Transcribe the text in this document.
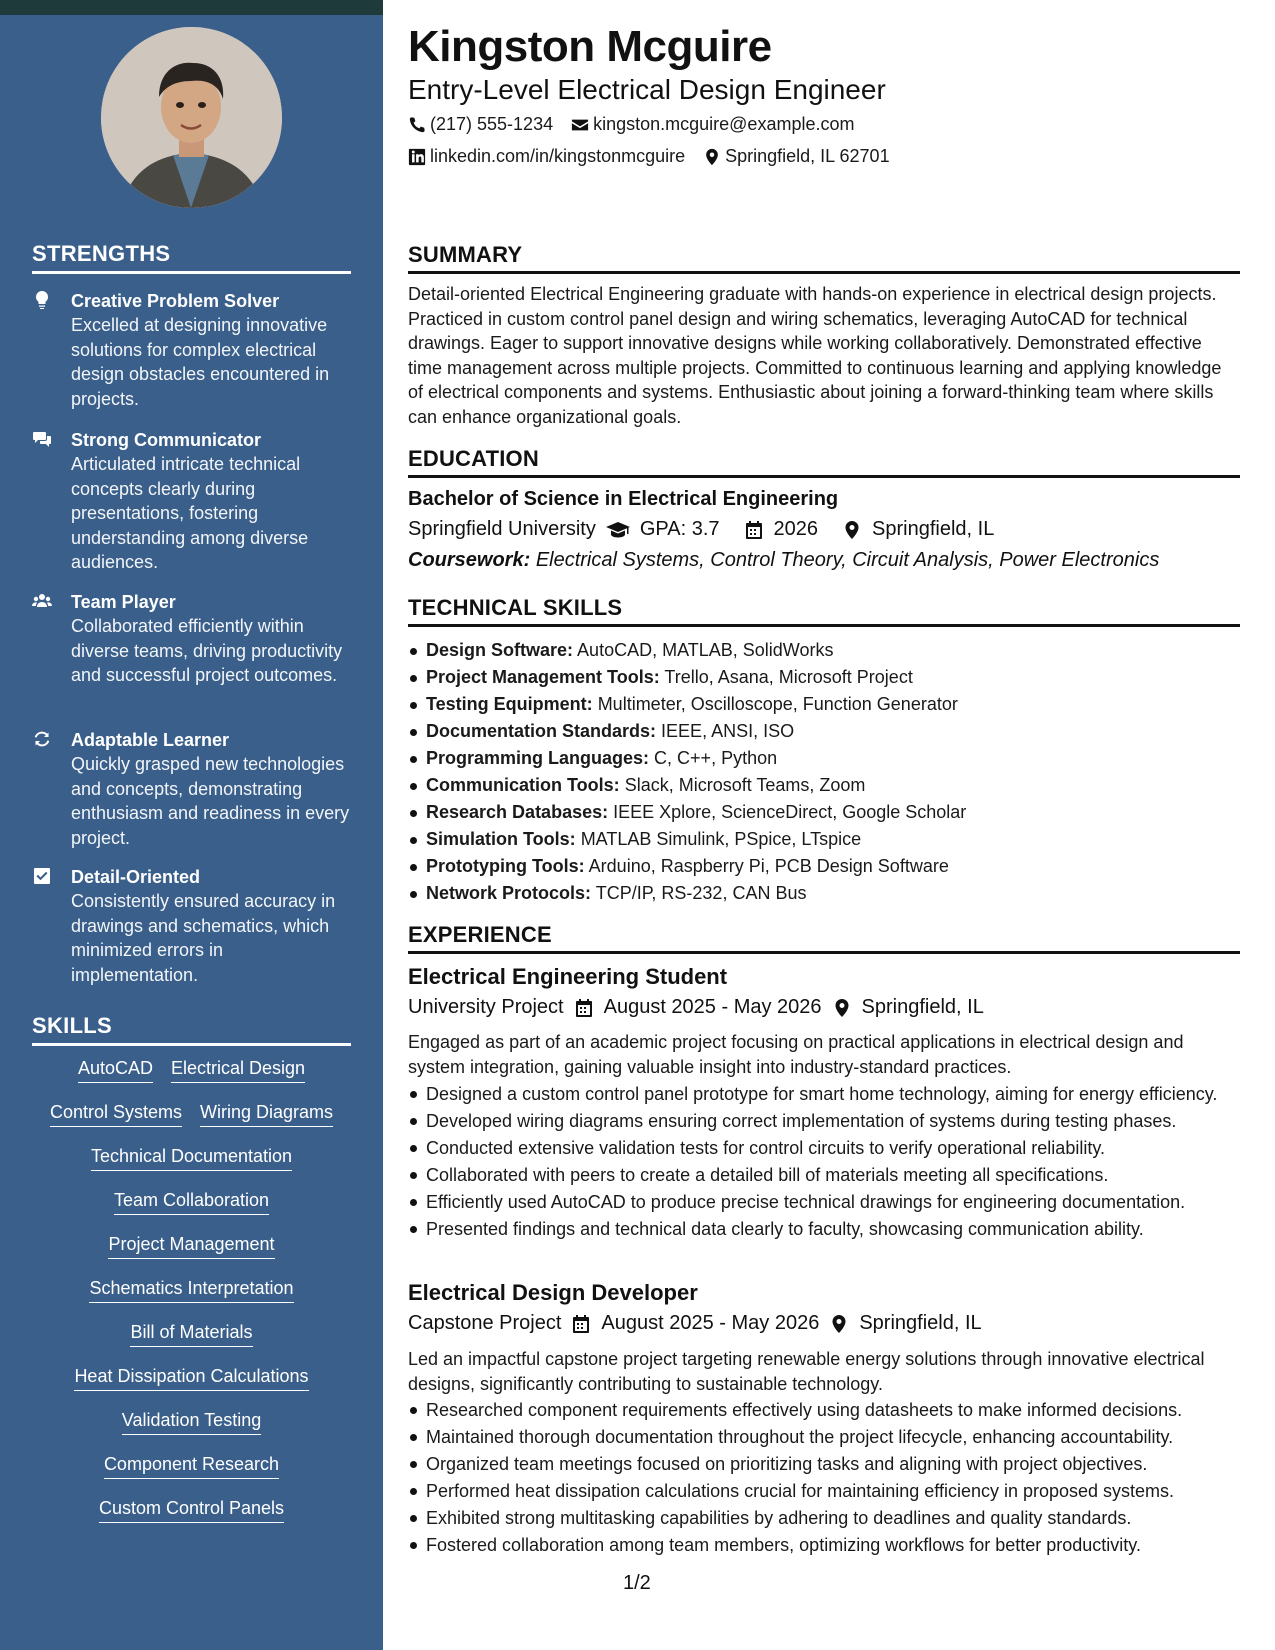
STRENGTHS
Creative Problem Solver
Excelled at designing innovative solutions for complex electrical design obstacles encountered in projects.
Strong Communicator
Articulated intricate technical concepts clearly during presentations, fostering understanding among diverse audiences.
Team Player
Collaborated efficiently within diverse teams, driving productivity and successful project outcomes.
Adaptable Learner
Quickly grasped new technologies and concepts, demonstrating enthusiasm and readiness in every project.
Detail-Oriented
Consistently ensured accuracy in drawings and schematics, which minimized errors in implementation.
SKILLS
AutoCAD Electrical Design
Control Systems Wiring Diagrams
Technical Documentation
Team Collaboration
Project Management
Schematics Interpretation
Bill of Materials
Heat Dissipation Calculations
Validation Testing
Component Research
Custom Control Panels
Kingston Mcguire
Entry-Level Electrical Design Engineer
(217) 555-1234 kingston.mcguire@example.com
linkedin.com/in/kingstonmcguire Springfield, IL 62701
SUMMARY
Detail-oriented Electrical Engineering graduate with hands-on experience in electrical design projects. Practiced in custom control panel design and wiring schematics, leveraging AutoCAD for technical drawings. Eager to support innovative designs while working collaboratively. Demonstrated effective time management across multiple projects. Committed to continuous learning and applying knowledge of electrical components and systems. Enthusiastic about joining a forward-thinking team where skills can enhance organizational goals.
EDUCATION
Bachelor of Science in Electrical Engineering
Springfield University GPA: 3.7	2026	Springfield, IL
Coursework: Electrical Systems, Control Theory, Circuit Analysis, Power Electronics
TECHNICAL SKILLS
Design Software: AutoCAD, MATLAB, SolidWorks
Project Management Tools: Trello, Asana, Microsoft Project
Testing Equipment: Multimeter, Oscilloscope, Function Generator
Documentation Standards: IEEE, ANSI, ISO
Programming Languages: C, C++, Python
Communication Tools: Slack, Microsoft Teams, Zoom
Research Databases: IEEE Xplore, ScienceDirect, Google Scholar
Simulation Tools: MATLAB Simulink, PSpice, LTspice
Prototyping Tools: Arduino, Raspberry Pi, PCB Design Software
Network Protocols: TCP/IP, RS-232, CAN Bus
EXPERIENCE
Electrical Engineering Student
University Project August 2025 - May 2026 Springfield, IL
Engaged as part of an academic project focusing on practical applications in electrical design and system integration, gaining valuable insight into industry-standard practices.
Designed a custom control panel prototype for smart home technology, aiming for energy efficiency.
Developed wiring diagrams ensuring correct implementation of systems during testing phases.
Conducted extensive validation tests for control circuits to verify operational reliability.
Collaborated with peers to create a detailed bill of materials meeting all specifications.
Efficiently used AutoCAD to produce precise technical drawings for engineering documentation.
Presented findings and technical data clearly to faculty, showcasing communication ability.
Electrical Design Developer
Capstone Project August 2025 - May 2026 Springfield, IL
Led an impactful capstone project targeting renewable energy solutions through innovative electrical designs, significantly contributing to sustainable technology.
Researched component requirements effectively using datasheets to make informed decisions.
Maintained thorough documentation throughout the project lifecycle, enhancing accountability.
Organized team meetings focused on prioritizing tasks and aligning with project objectives.
Performed heat dissipation calculations crucial for maintaining efficiency in proposed systems.
Exhibited strong multitasking capabilities by adhering to deadlines and quality standards.
Fostered collaboration among team members, optimizing workflows for better productivity.
1/2
